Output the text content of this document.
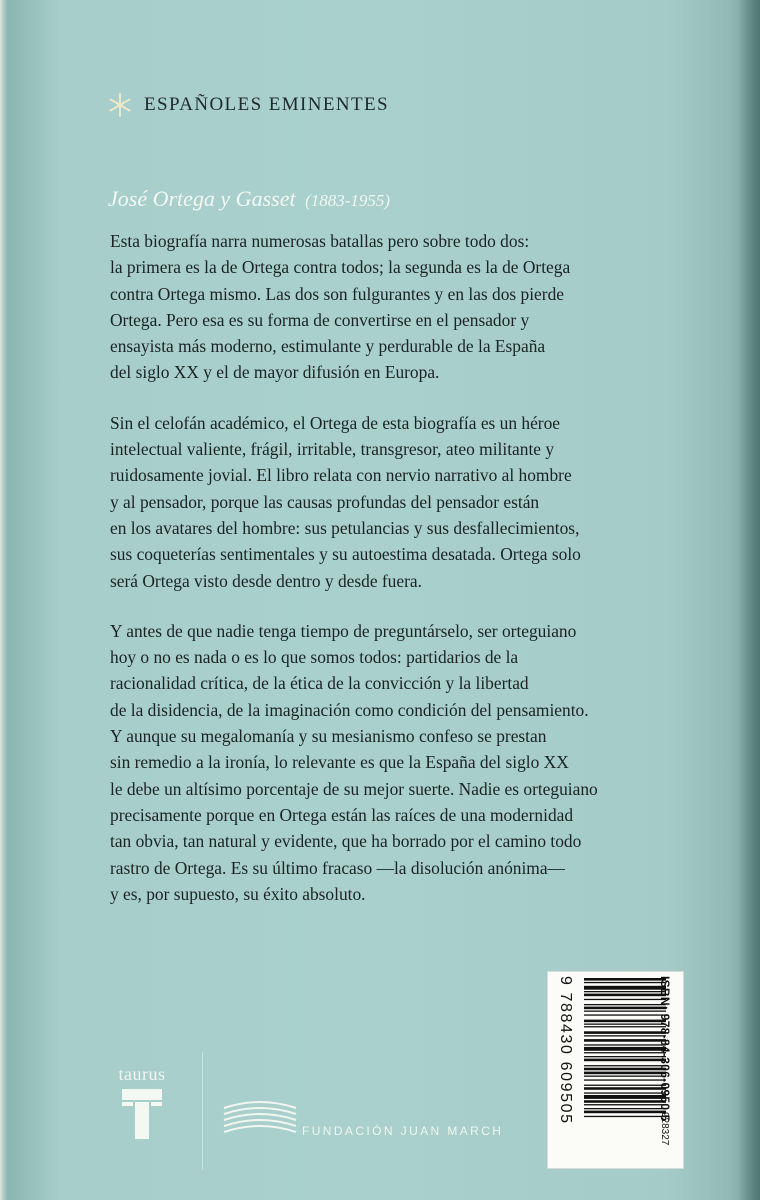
ESPAÑOLES EMINENTES
José Ortega y Gasset (1883-1955)

Esta biografía narra numerosas batallas pero sobre todo dos:
la primera es la de Ortega contra todos; la segunda es la de Ortega
contra Ortega mismo. Las dos son fulgurantes y en las dos pierde
Ortega. Pero esa es su forma de convertirse en el pensador y
ensayista más moderno, estimulante y perdurable de la España
del siglo XX y el de mayor difusión en Europa.

Sin el celofán académico, el Ortega de esta biografía es un héroe
intelectual valiente, frágil, irritable, transgresor, ateo militante y
ruidosamente jovial. El libro relata con nervio narrativo al hombre
y al pensador, porque las causas profundas del pensador están
en los avatares del hombre: sus petulancias y sus desfallecimientos,
sus coqueterías sentimentales y su autoestima desatada. Ortega solo
será Ortega visto desde dentro y desde fuera.

Y antes de que nadie tenga tiempo de preguntárselo, ser orteguiano
hoy o no es nada o es lo que somos todos: partidarios de la
racionalidad crítica, de la ética de la convicción y la libertad
de la disidencia, de la imaginación como condición del pensamiento.
Y aunque su megalomanía y su mesianismo confeso se prestan
sin remedio a la ironía, lo relevante es que la España del siglo XX
le debe un altísimo porcentaje de su mejor suerte. Nadie es orteguiano
precisamente porque en Ortega están las raíces de una modernidad
tan obvia, tan natural y evidente, que ha borrado por el camino todo
rastro de Ortega. Es su último fracaso —la disolución anónima—
y es, por supuesto, su éxito absoluto.

taurus
FUNDACIÓN JUAN MARCH
ISBN: 978-84-306-0950-5
9 788430 609505
928327
